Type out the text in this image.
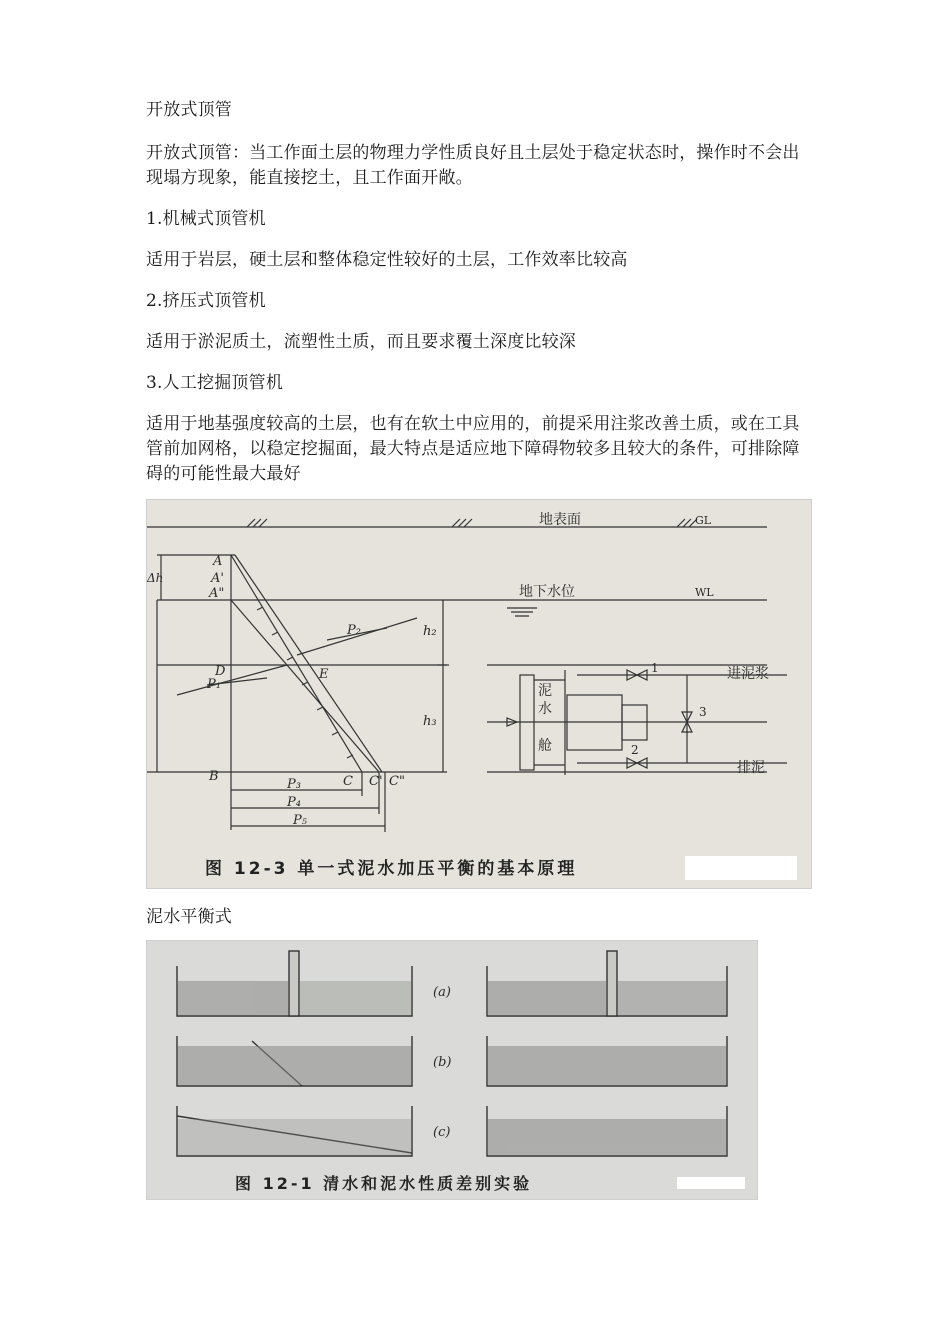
开放式顶管

开放式顶管：当工作面土层的物理力学性质良好且土层处于稳定状态时，操作时不会出现塌方现象，能直接挖土，且工作面开敞。

1.机械式顶管机

适用于岩层，硬土层和整体稳定性较好的土层，工作效率比较高

2.挤压式顶管机

适用于淤泥质土，流塑性土质，而且要求覆土深度比较深

3.人工挖掘顶管机

适用于地基强度较高的土层，也有在软土中应用的，前提采用注浆改善土质，或在工具管前加网格，以稳定挖掘面，最大特点是适应地下障碍物较多且较大的条件，可排除障碍的可能性最大最好

地表面	GL
地下水位	WL
Δh
A
A'
A"
D	E
B	C C' C"
P₂
P₁
P₃
P₄
P₅
h₂
h₃
进泥浆
排泥
泥
水
舱
1
2
3
图 12-3 单一式泥水加压平衡的基本原理

泥水平衡式

(a)
(b)
(c)
图 12-1 清水和泥水性质差别实验
